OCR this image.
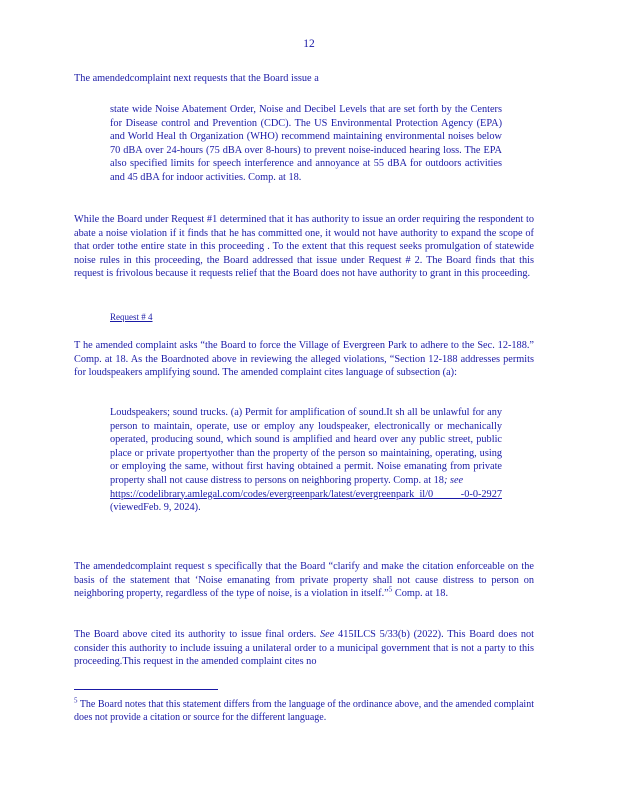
12
The amendedcomplaint next requests that the Board issue a
state wide Noise Abatement Order, Noise and Decibel Levels that are set forth by the Centers for Disease control and Prevention (CDC). The US Environmental Protection Agency (EPA) and World Heal th Organization (WHO) recommend maintaining environmental noises below 70 dBA over 24-hours (75 dBA over 8-hours) to prevent noise-induced hearing loss. The EPA also specified limits for speech interference and annoyance at 55 dBA for outdoors activities and 45 dBA for indoor activities. Comp. at 18.
While the Board under Request #1 determined that it has authority to issue an order requiring the respondent to abate a noise violation if it finds that he has committed one, it would not have authority to expand the scope of that order tothe entire state in this proceeding . To the extent that this request seeks promulgation of statewide noise rules in this proceeding, the Board addressed that issue under Request # 2. The Board finds that this request is frivolous because it requests relief that the Board does not have authority to grant in this proceeding.
Request # 4
T he amended complaint asks “the Board to force the Village of Evergreen Park to adhere to the Sec. 12-188.” Comp. at 18. As the Boardnoted above in reviewing the alleged violations, “Section 12-188 addresses permits for loudspeakers amplifying sound. The amended complaint cites language of subsection (a):
Loudspeakers; sound trucks. (a) Permit for amplification of sound.It sh all be unlawful for any person to maintain, operate, use or employ any loudspeaker, electronically or mechanically operated, producing sound, which sound is amplified and heard over any public street, public place or private propertyother than the property of the person so maintaining, operating, using or employing the same, without first having obtained a permit. Noise emanating from private property shall not cause distress to persons on neighboring property. Comp. at 18; see
https://codelibrary.amlegal.com/codes/evergreenpark/latest/evergreenpark_il/0 -0-0-2927 (viewedFeb. 9, 2024).
The amendedcomplaint request s specifically that the Board “clarify and make the citation enforceable on the basis of the statement that ‘Noise emanating from private property shall not cause distress to person on neighboring property, regardless of the type of noise, is a violation in itself.”$^5$ Comp. at 18.
The Board above cited its authority to issue final orders. See 415ILCS 5/33(b) (2022). This Board does not consider this authority to include issuing a unilateral order to a municipal government that is not a party to this proceeding.This request in the amended complaint cites no
$^5$ The Board notes that this statement differs from the language of the ordinance above, and the amended complaint does not provide a citation or source for the different language.
